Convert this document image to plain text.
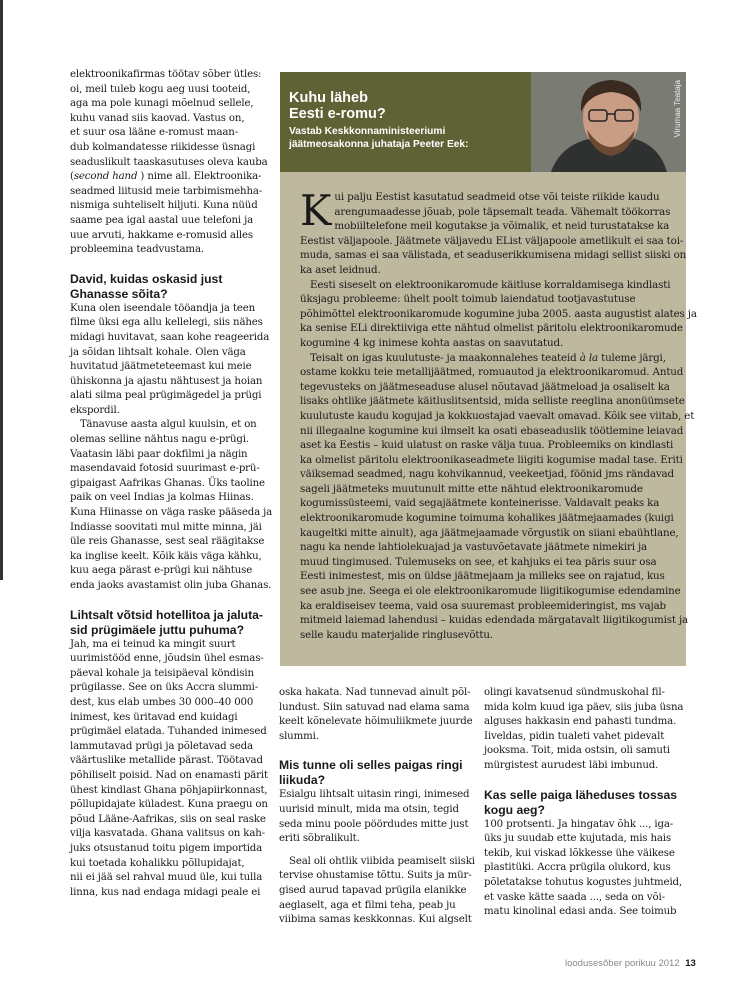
elektroonikafirmas töötav sõber ütles:
oi, meil tuleb kogu aeg uusi tooteid,
aga ma pole kunagi mõelnud sellele,
kuhu vanad siis kaovad. Vastus on,
et suur osa lääne e-romust maan-
dub kolmandatesse riikidesse üsnagi
seaduslikult taaskasutuses oleva kauba
(second hand ) nime all. Elektroonika-
seadmed liitusid meie tarbimismehha-
nismiga suhteliselt hiljuti. Kuna nüüd
saame pea igal aastal uue telefoni ja
uue arvuti, hakkame e-romusid alles
probleemina teadvustama.
David, kuidas oskasid just
Ghanasse sõita?
Kuna olen iseendale tööandja ja teen
filme üksi ega allu kellelegi, siis nähes
midagi huvitavat, saan kohe reageerida
ja sõidan lihtsalt kohale. Olen väga
huvitatud jäätmeteteemast kui meie
ühiskonna ja ajastu nähtusest ja hoian
alati silma peal prügimägedel ja prügi
ekspordil.
Tänavuse aasta algul kuulsin, et on
olemas selline nähtus nagu e-prügi.
Vaatasin läbi paar dokfilmi ja nägin
masendavaid fotosid suurimast e-prü-
gipaigast Aafrikas Ghanas. Üks taoline
paik on veel Indias ja kolmas Hiinas.
Kuna Hiinasse on väga raske pääseda ja
Indiasse soovitati mul mitte minna, jäi
üle reis Ghanasse, sest seal räägitakse
ka inglise keelt. Kõik käis väga kähku,
kuu aega pärast e-prügi kui nähtuse
enda jaoks avastamist olin juba Ghanas.
Lihtsalt võtsid hotellitoa ja jaluta-
sid prügimäele juttu puhuma?
Jah, ma ei teinud ka mingit suurt
uurimistööd enne, jõudsin ühel esmas-
päeval kohale ja teisipäeval köndisin
prügilasse. See on üks Accra slummi-
dest, kus elab umbes 30 000–40 000
inimest, kes üritavad end kuidagi
prügimäel elatada. Tuhanded inimesed
lammutavad prügi ja põletavad seda
väärtuslike metallide pärast. Töötavad
põhiliselt poisid. Nad on enamasti pärit
ühest kindlast Ghana põhjapiirkonnast,
põllupidajate küladest. Kuna praegu on
põud Lääne-Aafrikas, siis on seal raske
vilja kasvatada. Ghana valitsus on kah-
juks otsustanud toitu pigem importida
kui toetada kohalikku põllupidajat,
nii ei jää sel rahval muud üle, kui tulla
linna, kus nad endaga midagi peale ei
Kuhu läheb
Eesti e-romu?
Vastab Keskkonnaministeeriumi
jäätmeosakonna juhataja Peeter Eek:
Virumaa Teataja
K ui palju Eestist kasutatud seadmeid otse või teiste riikide kaudu
arengumaadesse jõuab, pole täpsemalt teada. Vähemalt töökorras
mobiiltelefone meil kogutakse ja võimalik, et neid turustatakse ka
Eestist väljapoole. Jäätmete väljavedu EList väljapoole ametlikult ei saa toi-
muda, samas ei saa välistada, et seaduserikkumisena midagi sellist siiski on
ka aset leidnud.
Eesti siseselt on elektroonikaromude käitluse korraldamisega kindlasti
üksjagu probleeme: ühelt poolt toimub laiendatud tootjavastutuse
põhimõttel elektroonikaromude kogumine juba 2005. aasta augustist alates ja
ka senise ELi direktiiviga ette nähtud olmelist päritolu elektroonikaromude
kogumine 4 kg inimese kohta aastas on saavutatud.
Teisalt on igas kuulutuste- ja maakonnalehes teateid à la tuleme järgi,
ostame kokku teie metallijäätmed, romuautod ja elektroonikaromud. Antud
tegevusteks on jäätmeseaduse alusel nõutavad jäätmeload ja osaliselt ka
lisaks ohtlike jäätmete käitluslitsentsid, mida selliste reeglina anonüümsete
kuulutuste kaudu kogujad ja kokkuostajad vaevalt omavad. Kõik see viitab, et
nii illegaalne kogumine kui ilmselt ka osati ebaseaduslik töötlemine leiavad
aset ka Eestis – kuid ulatust on raske välja tuua. Probleemiks on kindlasti
ka olmelist päritolu elektroonikaseadmete liigiti kogumise madal tase. Eriti
väiksemad seadmed, nagu kohvikannud, veekeetjad, föönid jms rändavad
sageli jäätmeteks muutunult mitte ette nähtud elektroonikaromude
kogumissüsteemi, vaid segajäätmete konteinerisse. Valdavalt peaks ka
elektroonikaromude kogumine toimuma kohalikes jäätmejaamades (kuigi
kaugeltki mitte ainult), aga jäätmejaamade võrgustik on siiani ebaühtlane,
nagu ka nende lahtiolekuajad ja vastuvõetavate jäätmete nimekiri ja
muud tingimused. Tulemuseks on see, et kahjuks ei tea päris suur osa
Eesti inimestest, mis on üldse jäätmejaam ja milleks see on rajatud, kus
see asub jne. Seega ei ole elektroonikaromude liigitikogumise edendamine
ka eraldiseisev teema, vaid osa suuremast probleemideringist, ms vajab
mitmeid laiemad lahendusi – kuidas edendada märgatavalt liigitikogumist ja
selle kaudu materjalide ringlusevõttu.
oska hakata. Nad tunnevad ainult põl-
lundust. Siin satuvad nad elama sama
keelt kõnelevate hõimuliikmete juurde
slummi.
Mis tunne oli selles paigas ringi
liikuda?
Esialgu lihtsalt uitasin ringi, inimesed
uurisid minult, mida ma otsin, tegid
seda minu poole pöördudes mitte just
eriti sõbralikult.
Seal oli ohtlik viibida peamiselt siiski
tervise ohustamise tõttu. Suits ja mür-
gised aurud tapavad prügila elanikke
aeglaselt, aga et filmi teha, peab ju
viibima samas keskkonnas. Kui algselt
olingi kavatsenud sündmuskohal fil-
mida kolm kuud iga päev, siis juba üsna
alguses hakkasin end pahasti tundma.
Iiveldas, pidin tualeti vahet pidevalt
jooksma. Toit, mida ostsin, oli samuti
mürgistest aurudest läbi imbunud.
Kas selle paiga läheduses tossas
kogu aeg?
100 protsenti. Ja hingatav õhk ..., iga-
üks ju suudab ette kujutada, mis hais
tekib, kui viskad lõkkesse ühe väikese
plastitüki. Accra prügila olukord, kus
põletatakse tohutus kogustes juhtmeid,
et vaske kätte saada ..., seda on või-
matu kinolinal edasi anda. See toimub
loodusesõber porikuu 2012 13
